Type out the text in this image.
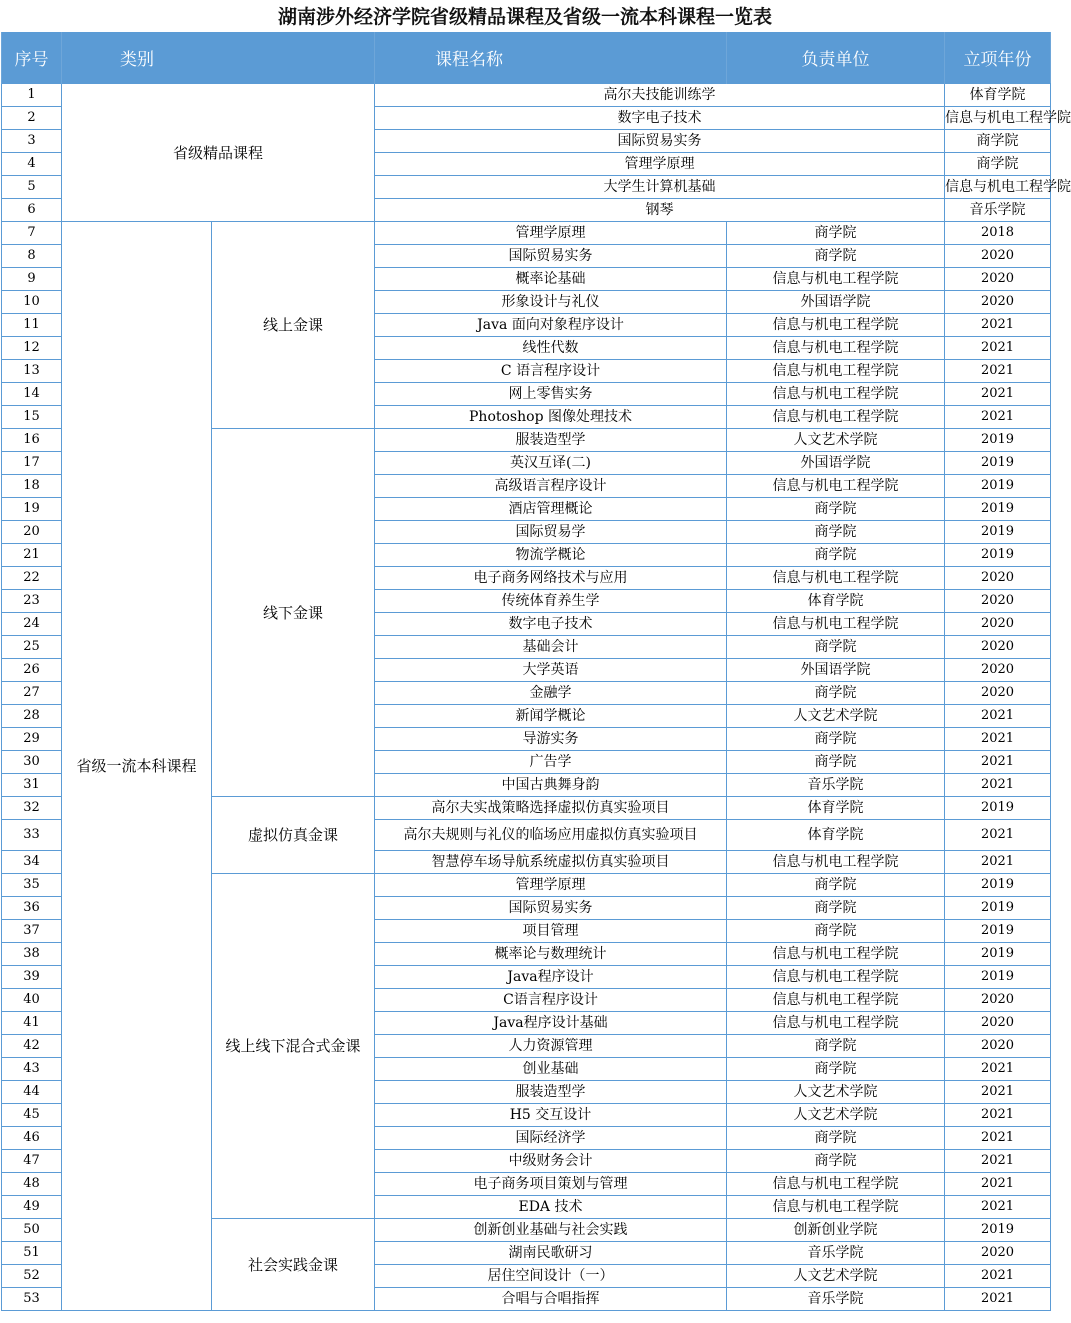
湖南涉外经济学院省级精品课程及省级一流本科课程一览表
序号	类别		课程名称	负责单位	立项年份	
1	省级精品课程		高尔夫技能训练学		体育学院	
2			数字电子技术		信息与机电工程学院	
3			国际贸易实务		商学院	
4			管理学原理		商学院	
5			大学生计算机基础		信息与机电工程学院	
6			钢琴		音乐学院	
7	省级一流本科课程	线上金课	管理学原理	商学院	2018	
8			国际贸易实务	商学院	2020	
9			概率论基础	信息与机电工程学院	2020	
10			形象设计与礼仪	外国语学院	2020	
11			Java 面向对象程序设计	信息与机电工程学院	2021	
12			线性代数	信息与机电工程学院	2021	
13			C 语言程序设计	信息与机电工程学院	2021	
14			网上零售实务	信息与机电工程学院	2021	
15			Photoshop 图像处理技术	信息与机电工程学院	2021	
16		线下金课	服装造型学	人文艺术学院	2019	
17			英汉互译(二)	外国语学院	2019	
18			高级语言程序设计	信息与机电工程学院	2019	
19			酒店管理概论	商学院	2019	
20			国际贸易学	商学院	2019	
21			物流学概论	商学院	2019	
22			电子商务网络技术与应用	信息与机电工程学院	2020	
23			传统体育养生学	体育学院	2020	
24			数字电子技术	信息与机电工程学院	2020	
25			基础会计	商学院	2020	
26			大学英语	外国语学院	2020	
27			金融学	商学院	2020	
28			新闻学概论	人文艺术学院	2021	
29			导游实务	商学院	2021	
30			广告学	商学院	2021	
31			中国古典舞身韵	音乐学院	2021	
32		虚拟仿真金课	高尔夫实战策略选择虚拟仿真实验项目	体育学院	2019	
33			高尔夫规则与礼仪的临场应用虚拟仿真实验项目	体育学院	2021	
34			智慧停车场导航系统虚拟仿真实验项目	信息与机电工程学院	2021	
35		线上线下混合式金课	管理学原理	商学院	2019	
36			国际贸易实务	商学院	2019	
37			项目管理	商学院	2019	
38			概率论与数理统计	信息与机电工程学院	2019	
39			Java程序设计	信息与机电工程学院	2019	
40			C语言程序设计	信息与机电工程学院	2020	
41			Java程序设计基础	信息与机电工程学院	2020	
42			人力资源管理	商学院	2020	
43			创业基础	商学院	2021	
44			服装造型学	人文艺术学院	2021	
45			H5 交互设计	人文艺术学院	2021	
46			国际经济学	商学院	2021	
47			中级财务会计	商学院	2021	
48			电子商务项目策划与管理	信息与机电工程学院	2021	
49			EDA 技术	信息与机电工程学院	2021	
50		社会实践金课	创新创业基础与社会实践	创新创业学院	2019	
51			湖南民歌研习	音乐学院	2020	
52			居住空间设计（一）	人文艺术学院	2021	
53			合唱与合唱指挥	音乐学院	2021	
